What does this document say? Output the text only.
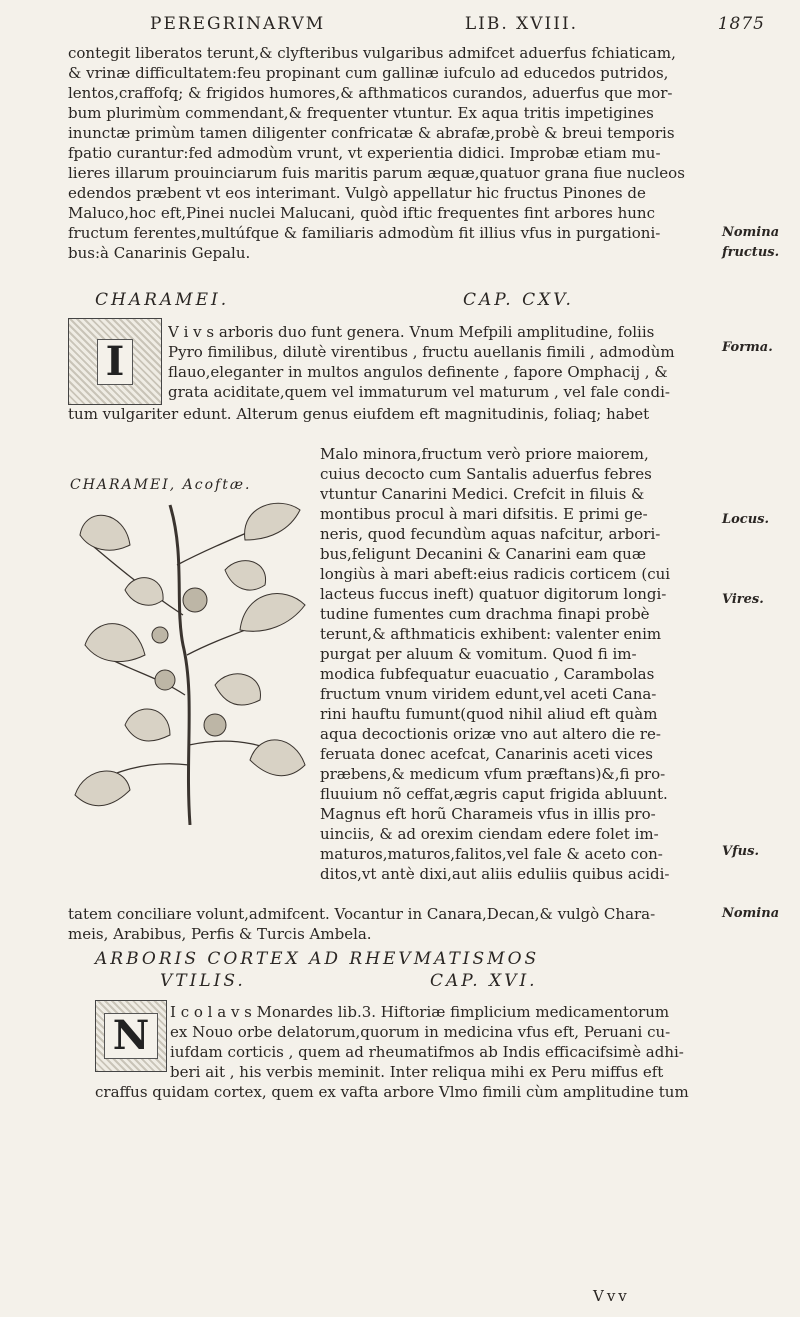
PEREGRINARVM	LIB. XVIII.	1875
contegit liberatos terunt,& clyfteribus vulgaribus admifcet aduerfus fchiaticam,
& vrinæ difficultatem:feu propinant cum gallinæ iufculo ad educedos putridos,
lentos,craffofq; & frigidos humores,& afthmaticos curandos, aduerfus que mor-
bum plurimùm commendant,& frequenter vtuntur. Ex aqua tritis impetigines
inunctæ primùm tamen diligenter confricatæ & abrafæ,probè & breui temporis
fpatio curantur:fed admodùm vrunt, vt experientia didici. Improbæ etiam mu-
lieres illarum prouinciarum fuis maritis parum æquæ,quatuor grana fiue nucleos
edendos præbent vt eos interimant. Vulgò appellatur hic fructus Pinones de
Maluco,hoc eft,Pinei nuclei Malucani, quòd iftic frequentes fint arbores hunc
fructum ferentes,multúfque & familiaris admodùm fit illius vfus in purgationi-
bus:à Canarinis Gepalu.
Nomina
fructus.
CHARAMEI.	CAP. CXV.
I
V i v s arboris duo funt genera. Vnum Mefpili amplitudine, foliis
Pyro fimilibus, dilutè virentibus , fructu auellanis fimili , admodùm
flauo,eleganter in multos angulos definente , fapore Omphacij , &
grata aciditate,quem vel immaturum vel maturum , vel fale condi-
Forma.
tum vulgariter edunt. Alterum genus eiufdem eft magnitudinis, foliaq; habet
CHARAMEI, Acoftæ.
Malo minora,fructum verò priore maiorem,
cuius decocto cum Santalis aduerfus febres
vtuntur Canarini Medici. Crefcit in filuis &
montibus procul à mari difsitis. E primi ge-
neris, quod fecundùm aquas nafcitur, arbori-
bus,feligunt Decanini & Canarini eam quæ
longiùs à mari abeft:eius radicis corticem (cui
lacteus fuccus ineft) quatuor digitorum longi-
tudine fumentes cum drachma finapi probè
terunt,& afthmaticis exhibent: valenter enim
purgat per aluum & vomitum. Quod fi im-
modica fubfequatur euacuatio , Carambolas
fructum vnum viridem edunt,vel aceti Cana-
rini hauftu fumunt(quod nihil aliud eft quàm
aqua decoctionis orizæ vno aut altero die re-
feruata donec acefcat, Canarinis aceti vices
præbens,& medicum vfum præftans)&,fi pro-
fluuium nõ ceffat,ægris caput frigida abluunt.
Magnus eft horũ Charameis vfus in illis pro-
uinciis, & ad orexim ciendam edere folet im-
maturos,maturos,falitos,vel fale & aceto con-
ditos,vt antè dixi,aut aliis eduliis quibus acidi-
Locus.
Vires.
Vfus.
Nomina
tatem conciliare volunt,admifcent. Vocantur in Canara,Decan,& vulgò Chara-
meis, Arabibus, Perfis & Turcis Ambela.
ARBORIS CORTEX AD RHEVMATISMOS
VTILIS.	CAP. XVI.
N	I c o l a v s Monardes lib.3. Hiftoriæ fimplicium medicamentorum
ex Nouo orbe delatorum,quorum in medicina vfus eft, Peruani cu-
iufdam corticis , quem ad rheumatifmos ab Indis efficacifsimè adhi-
beri ait , his verbis meminit. Inter reliqua mihi ex Peru miffus eft
craffus quidam cortex, quem ex vafta arbore Vlmo fimili cùm amplitudine tum
Vvv
